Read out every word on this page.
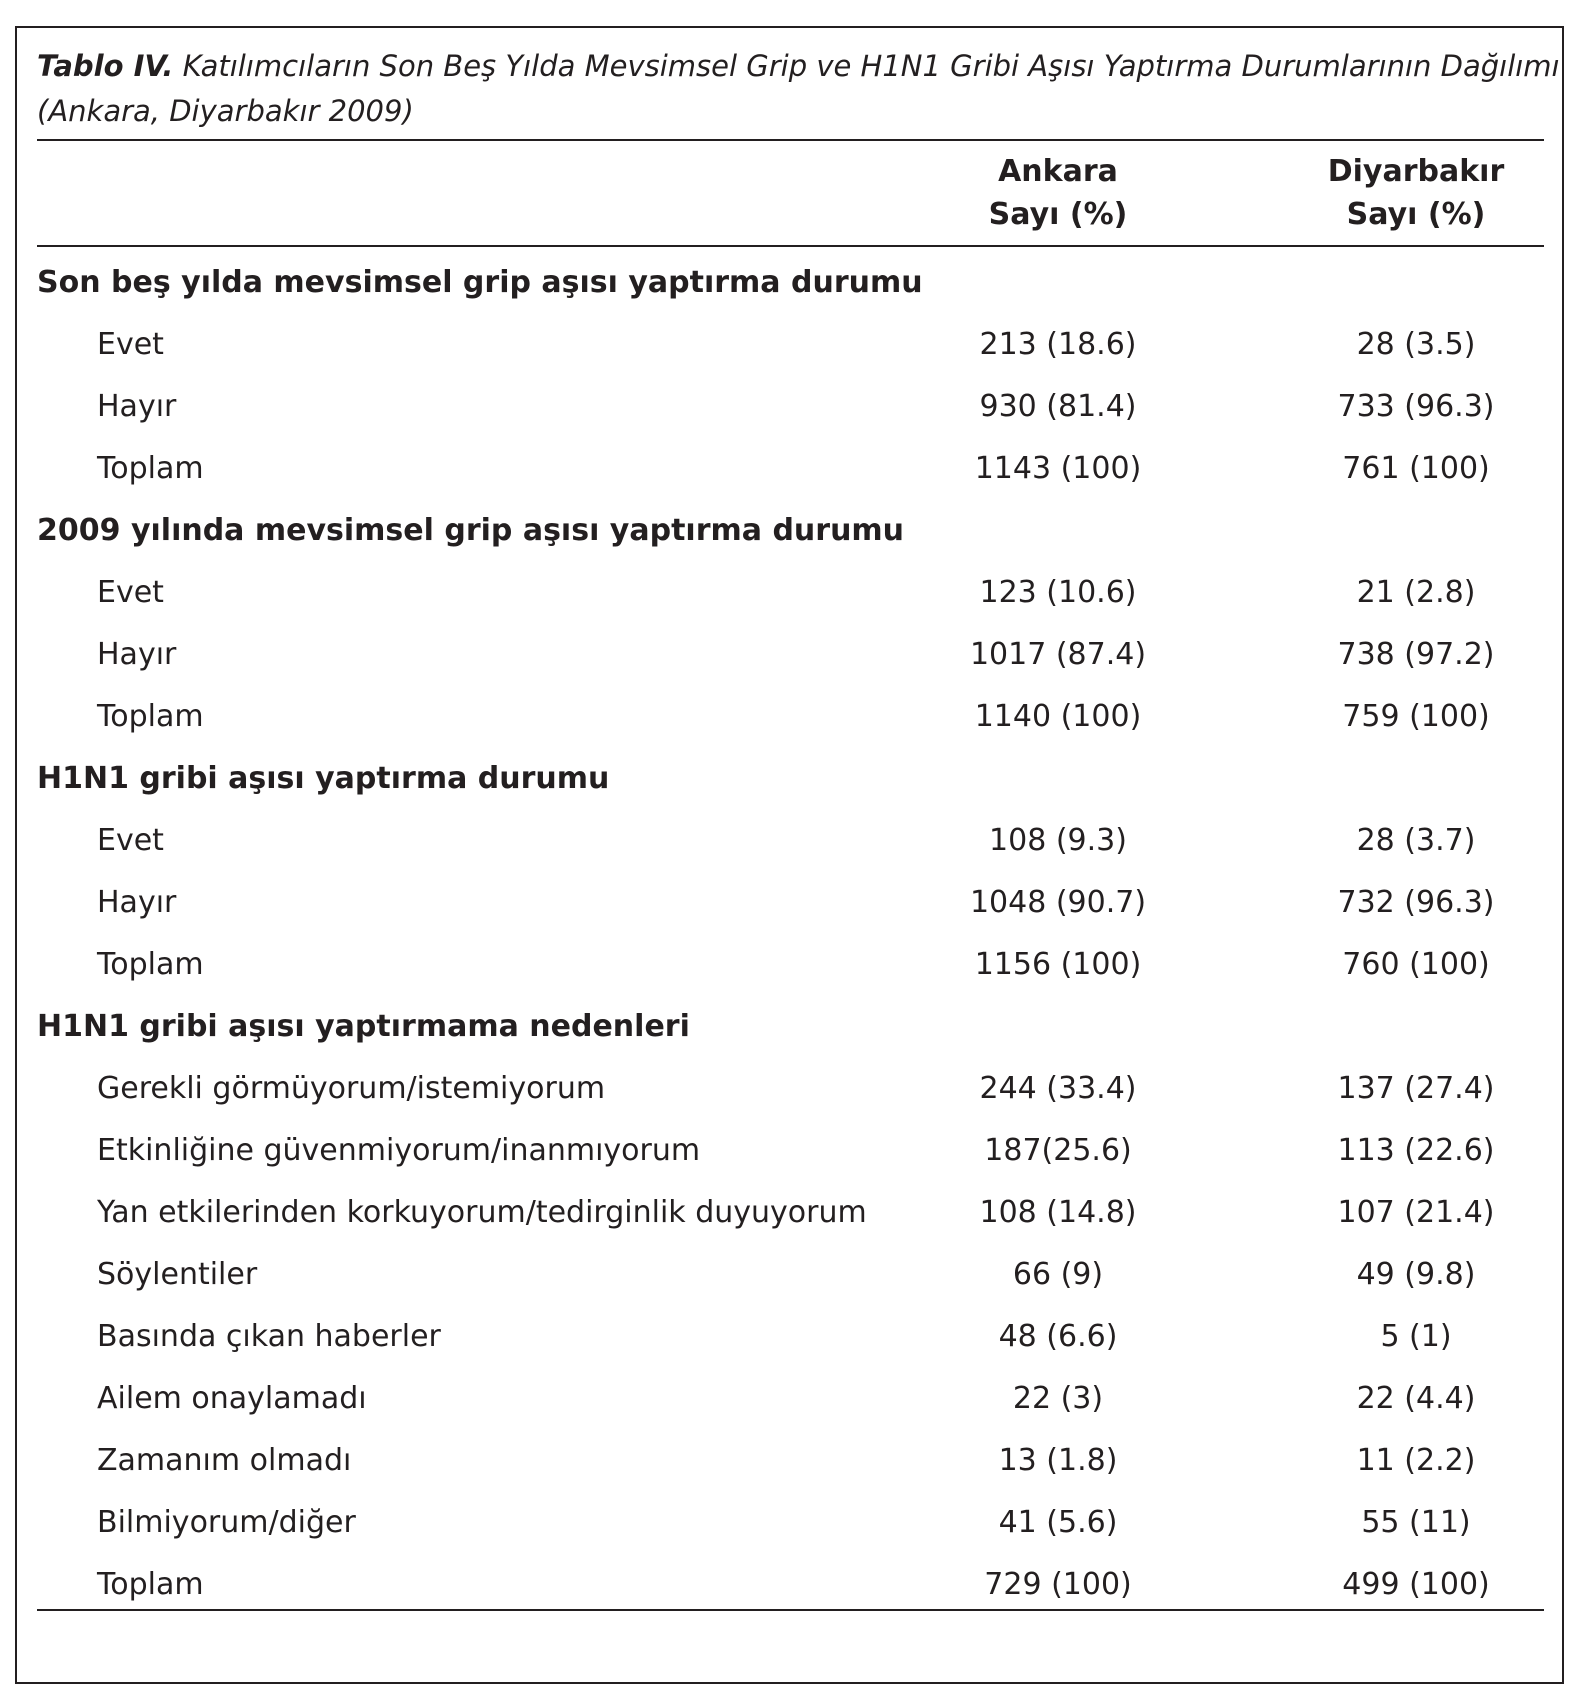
Tablo IV. Katılımcıların Son Beş Yılda Mevsimsel Grip ve H1N1 Gribi Aşısı Yaptırma Durumlarının Dağılımı
(Ankara, Diyarbakır 2009)
Ankara
Sayı (%)
Diyarbakır
Sayı (%)
Son beş yılda mevsimsel grip aşısı yaptırma durumu
Evet	213 (18.6)	28 (3.5)
Hayır	930 (81.4)	733 (96.3)
Toplam	1143 (100)	761 (100)
2009 yılında mevsimsel grip aşısı yaptırma durumu
Evet	123 (10.6)	21 (2.8)
Hayır	1017 (87.4)	738 (97.2)
Toplam	1140 (100)	759 (100)
H1N1 gribi aşısı yaptırma durumu
Evet	108 (9.3)	28 (3.7)
Hayır	1048 (90.7)	732 (96.3)
Toplam	1156 (100)	760 (100)
H1N1 gribi aşısı yaptırmama nedenleri
Gerekli görmüyorum/istemiyorum	244 (33.4)	137 (27.4)
Etkinliğine güvenmiyorum/inanmıyorum	187(25.6)	113 (22.6)
Yan etkilerinden korkuyorum/tedirginlik duyuyorum	108 (14.8)	107 (21.4)
Söylentiler	66 (9)	49 (9.8)
Basında çıkan haberler	48 (6.6)	5 (1)
Ailem onaylamadı	22 (3)	22 (4.4)
Zamanım olmadı	13 (1.8)	11 (2.2)
Bilmiyorum/diğer	41 (5.6)	55 (11)
Toplam	729 (100)	499 (100)
